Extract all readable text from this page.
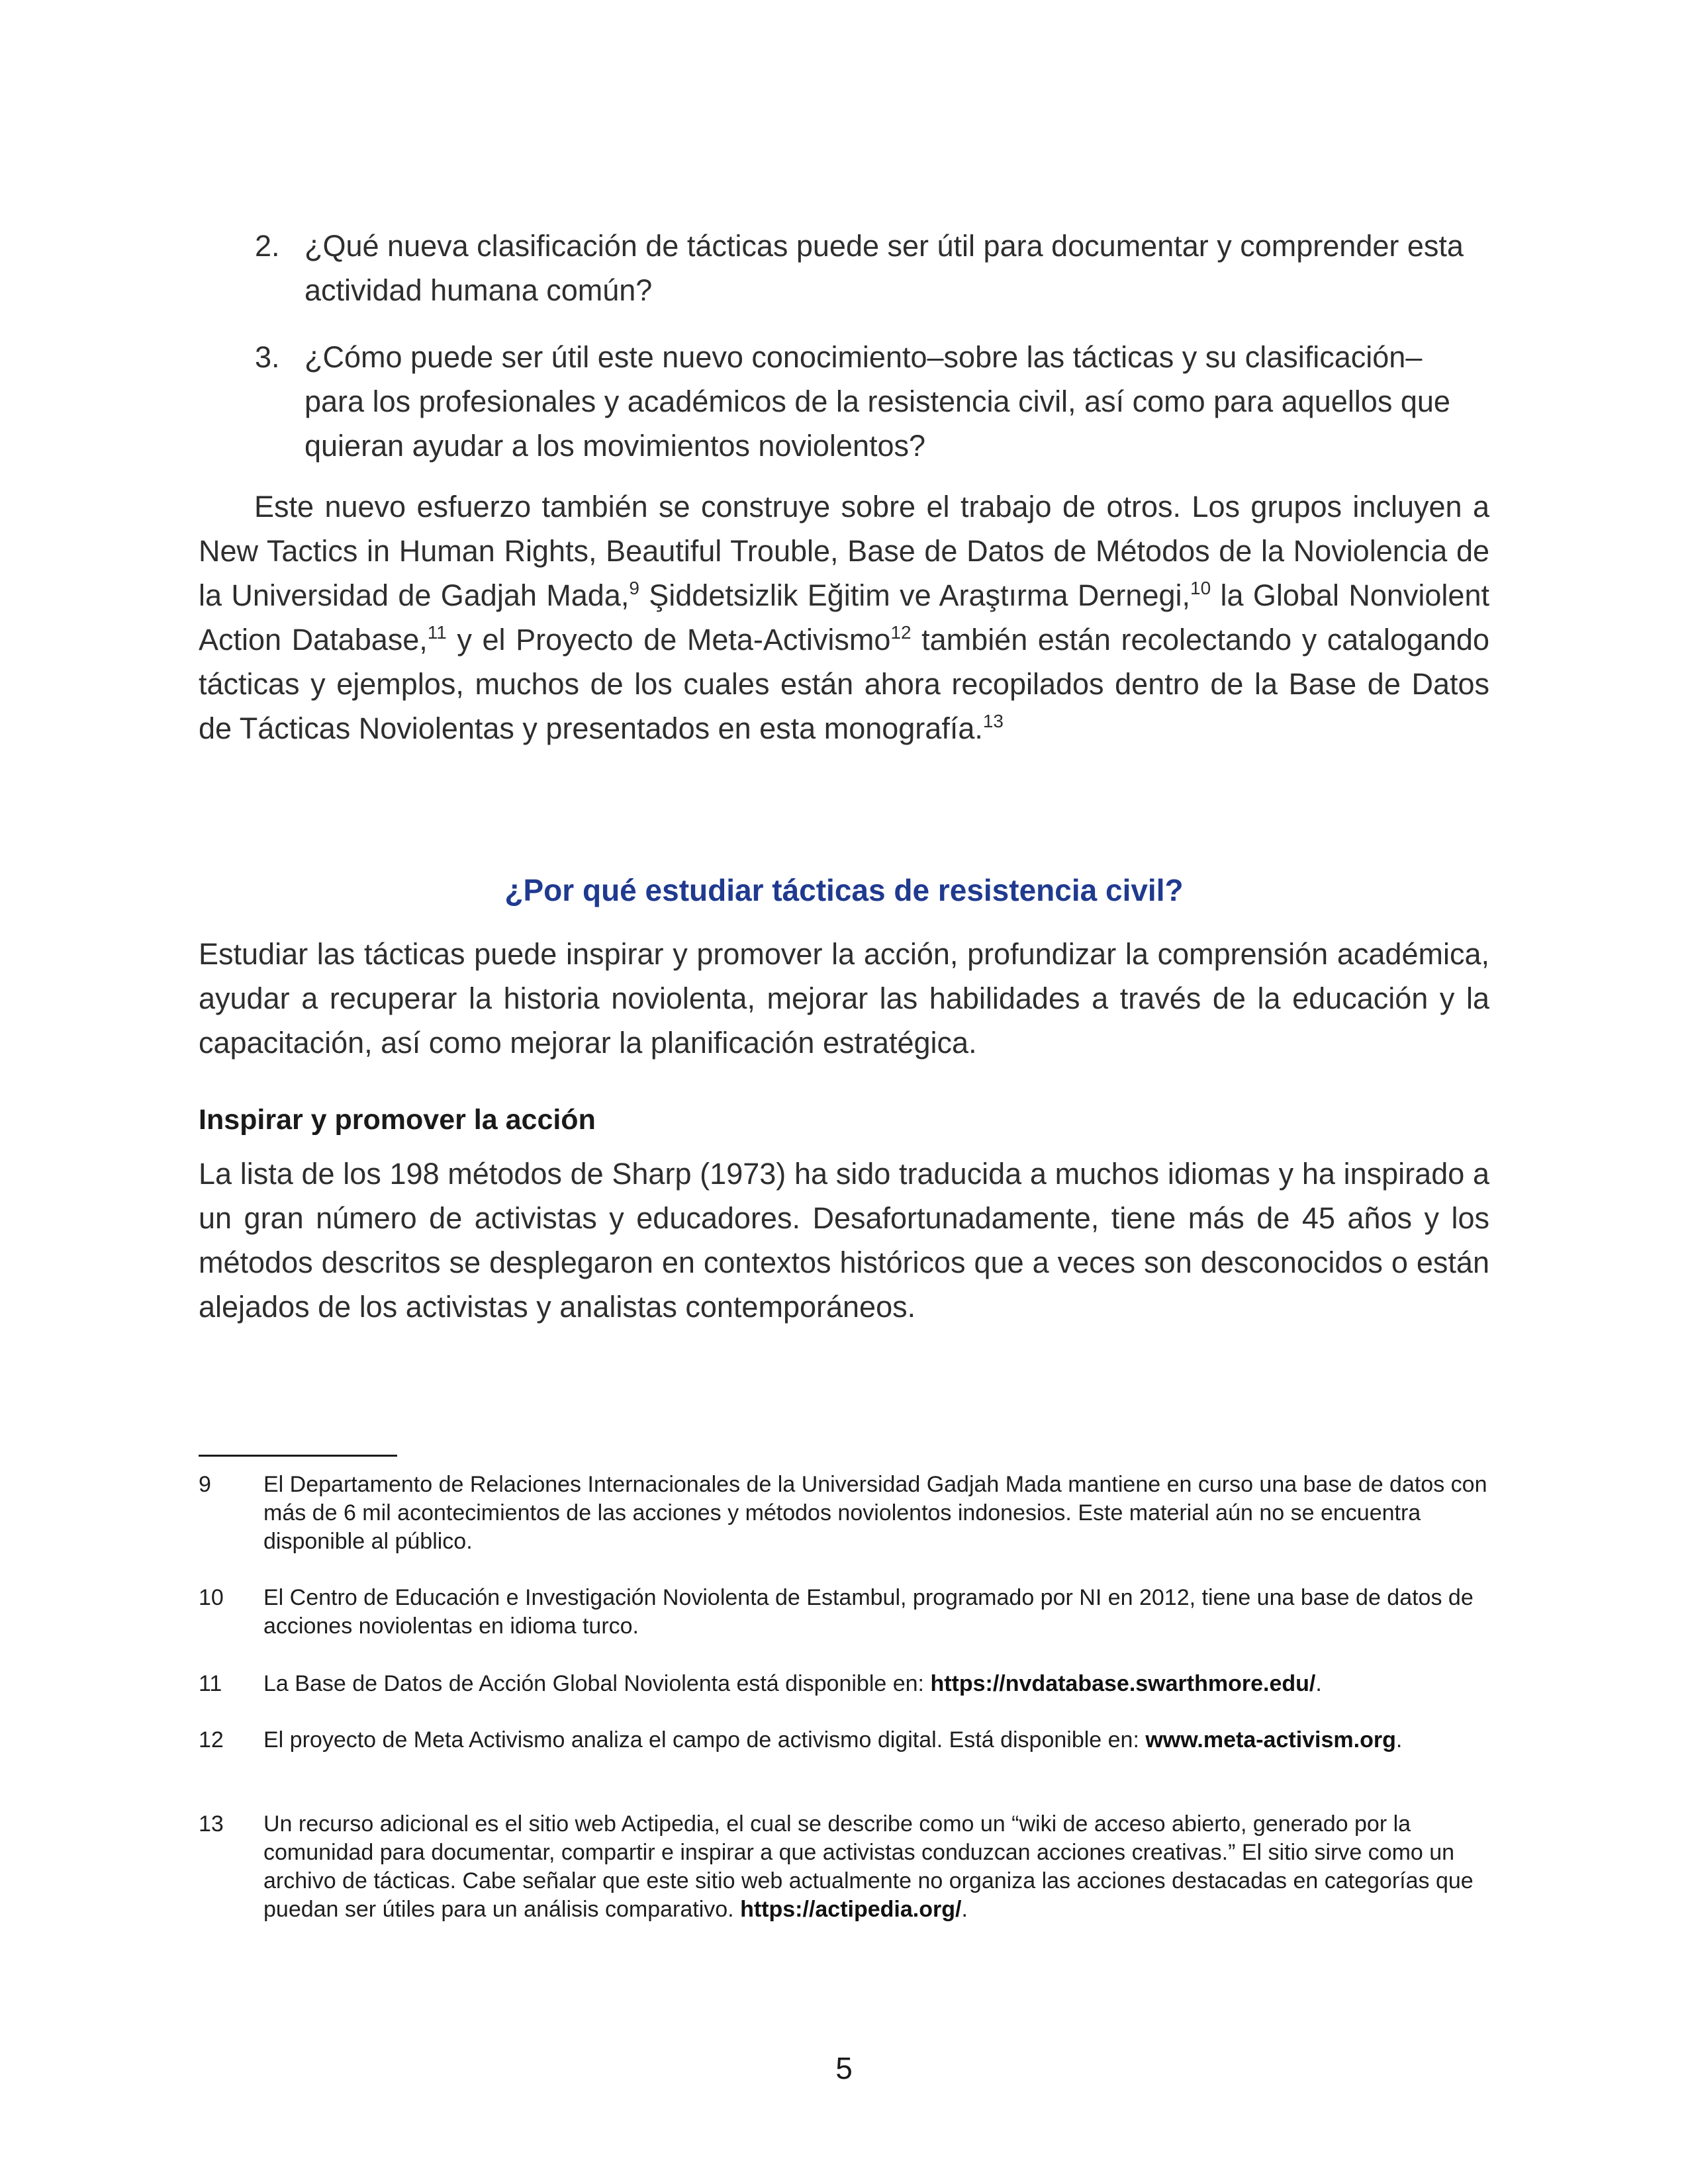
2. ¿Qué nueva clasificación de tácticas puede ser útil para documentar y comprender esta actividad humana común?
3. ¿Cómo puede ser útil este nuevo conocimiento–sobre las tácticas y su clasificación– para los profesionales y académicos de la resistencia civil, así como para aquellos que quieran ayudar a los movimientos noviolentos?
Este nuevo esfuerzo también se construye sobre el trabajo de otros. Los grupos incluyen a New Tactics in Human Rights, Beautiful Trouble, Base de Datos de Métodos de la Noviolencia de la Universidad de Gadjah Mada,$^9$ Şiddetsizlik Eğitim ve Araştırma Dernegi,$^{10}$ la Global Nonviolent Action Database,$^{11}$ y el Proyecto de Meta-Activismo$^{12}$ también están recolectando y catalogando tácticas y ejemplos, muchos de los cuales están ahora recopilados dentro de la Base de Datos de Tácticas Noviolentas y presentados en esta monografía.$^{13}$
¿Por qué estudiar tácticas de resistencia civil?
Estudiar las tácticas puede inspirar y promover la acción, profundizar la comprensión académica, ayudar a recuperar la historia noviolenta, mejorar las habilidades a través de la educación y la capacitación, así como mejorar la planificación estratégica.
Inspirar y promover la acción
La lista de los 198 métodos de Sharp (1973) ha sido traducida a muchos idiomas y ha inspirado a un gran número de activistas y educadores. Desafortunadamente, tiene más de 45 años y los métodos descritos se desplegaron en contextos históricos que a veces son desconocidos o están alejados de los activistas y analistas contemporáneos.
9	El Departamento de Relaciones Internacionales de la Universidad Gadjah Mada mantiene en curso una base de datos con más de 6 mil acontecimientos de las acciones y métodos noviolentos indonesios. Este material aún no se encuentra disponible al público.
10	El Centro de Educación e Investigación Noviolenta de Estambul, programado por NI en 2012, tiene una base de datos de acciones noviolentas en idioma turco.
11	La Base de Datos de Acción Global Noviolenta está disponible en: https://nvdatabase.swarthmore.edu/.
12	El proyecto de Meta Activismo analiza el campo de activismo digital. Está disponible en: www.meta-activism.org.
13	Un recurso adicional es el sitio web Actipedia, el cual se describe como un “wiki de acceso abierto, generado por la comunidad para documentar, compartir e inspirar a que activistas conduzcan acciones creativas.” El sitio sirve como un archivo de tácticas. Cabe señalar que este sitio web actualmente no organiza las acciones destacadas en categorías que puedan ser útiles para un análisis comparativo. https://actipedia.org/.
5
